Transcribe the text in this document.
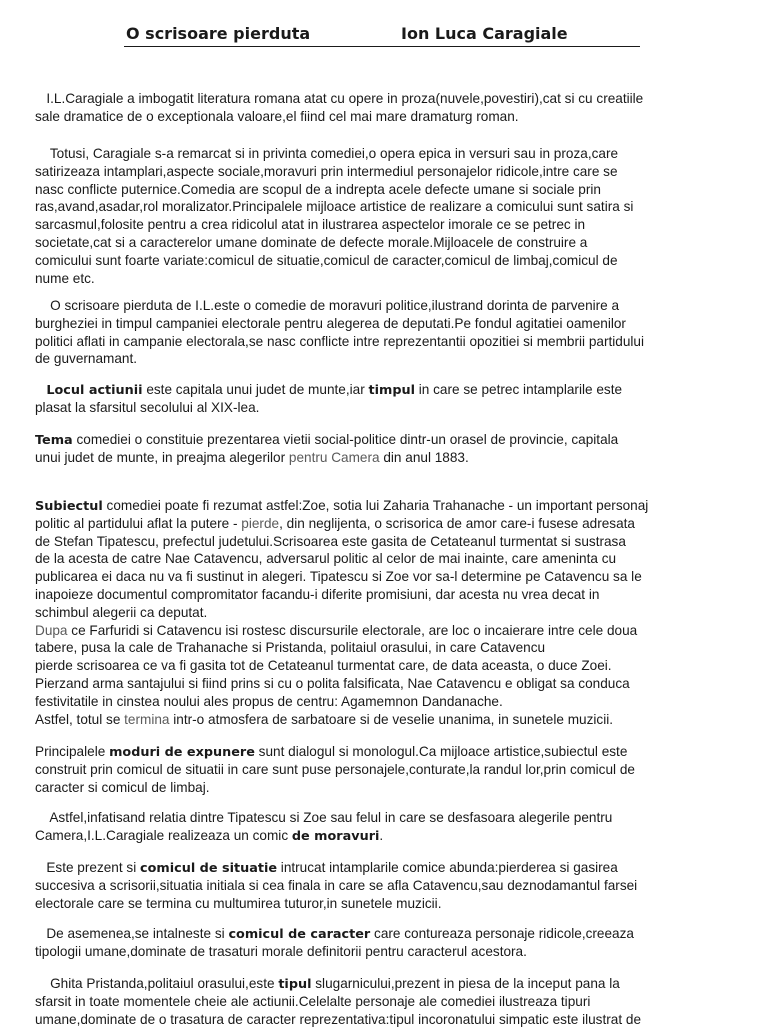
O scrisoare pierduta	Ion Luca Caragiale
I.L.Caragiale a imbogatit literatura romana atat cu opere in proza(nuvele,povestiri),cat si cu creatiile
sale dramatice de o exceptionala valoare,el fiind cel mai mare dramaturg roman.
Totusi, Caragiale s-a remarcat si in privinta comediei,o opera epica in versuri sau in proza,care
satirizeaza intamplari,aspecte sociale,moravuri prin intermediul personajelor ridicole,intre care se
nasc conflicte puternice.Comedia are scopul de a indrepta acele defecte umane si sociale prin
ras,avand,asadar,rol moralizator.Principalele mijloace artistice de realizare a comicului sunt satira si
sarcasmul,folosite pentru a crea ridicolul atat in ilustrarea aspectelor imorale ce se petrec in
societate,cat si a caracterelor umane dominate de defecte morale.Mijloacele de construire a
comicului sunt foarte variate:comicul de situatie,comicul de caracter,comicul de limbaj,comicul de
nume etc.
O scrisoare pierduta de I.L.este o comedie de moravuri politice,ilustrand dorinta de parvenire a
burgheziei in timpul campaniei electorale pentru alegerea de deputati.Pe fondul agitatiei oamenilor
politici aflati in campanie electorala,se nasc conflicte intre reprezentantii opozitiei si membrii partidului
de guvernamant.
Locul actiunii este capitala unui judet de munte,iar timpul in care se petrec intamplarile este
plasat la sfarsitul secolului al XIX-lea.
Tema comediei o constituie prezentarea vietii social-politice dintr-un orasel de provincie, capitala
unui judet de munte, in preajma alegerilor pentru Camera din anul 1883.
Subiectul comediei poate fi rezumat astfel:Zoe, sotia lui Zaharia Trahanache - un important personaj
politic al partidului aflat la putere - pierde, din neglijenta, o scrisorica de amor care-i fusese adresata
de Stefan Tipatescu, prefectul judetului.Scrisoarea este gasita de Cetateanul turmentat si sustrasa
de la acesta de catre Nae Catavencu, adversarul politic al celor de mai inainte, care ameninta cu
publicarea ei daca nu va fi sustinut in alegeri. Tipatescu si Zoe vor sa-l determine pe Catavencu sa le
inapoieze documentul compromitator facandu-i diferite promisiuni, dar acesta nu vrea decat in
schimbul alegerii ca deputat.
Dupa ce Farfuridi si Catavencu isi rostesc discursurile electorale, are loc o incaierare intre cele doua
tabere, pusa la cale de Trahanache si Pristanda, politaiul orasului, in care Catavencu
pierde scrisoarea ce va fi gasita tot de Cetateanul turmentat care, de data aceasta, o duce Zoei.
Pierzand arma santajului si fiind prins si cu o polita falsificata, Nae Catavencu e obligat sa conduca
festivitatile in cinstea noului ales propus de centru: Agamemnon Dandanache.
Astfel, totul se termina intr-o atmosfera de sarbatoare si de veselie unanima, in sunetele muzicii.
Principalele moduri de expunere sunt dialogul si monologul.Ca mijloace artistice,subiectul este
construit prin comicul de situatii in care sunt puse personajele,conturate,la randul lor,prin comicul de
caracter si comicul de limbaj.
Astfel,infatisand relatia dintre Tipatescu si Zoe sau felul in care se desfasoara alegerile pentru
Camera,I.L.Caragiale realizeaza un comic de moravuri.
Este prezent si comicul de situatie intrucat intamplarile comice abunda:pierderea si gasirea
succesiva a scrisorii,situatia initiala si cea finala in care se afla Catavencu,sau deznodamantul farsei
electorale care se termina cu multumirea tuturor,in sunetele muzicii.
De asemenea,se intalneste si comicul de caracter care contureaza personaje ridicole,creeaza
tipologii umane,dominate de trasaturi morale definitorii pentru caracterul acestora.
Ghita Pristanda,politaiul orasului,este tipul slugarnicului,prezent in piesa de la inceput pana la
sfarsit in toate momentele cheie ale actiunii.Celelalte personaje ale comediei ilustreaza tipuri
umane,dominate de o trasatura de caracter reprezentativa:tipul incoronatului simpatic este ilustrat de
